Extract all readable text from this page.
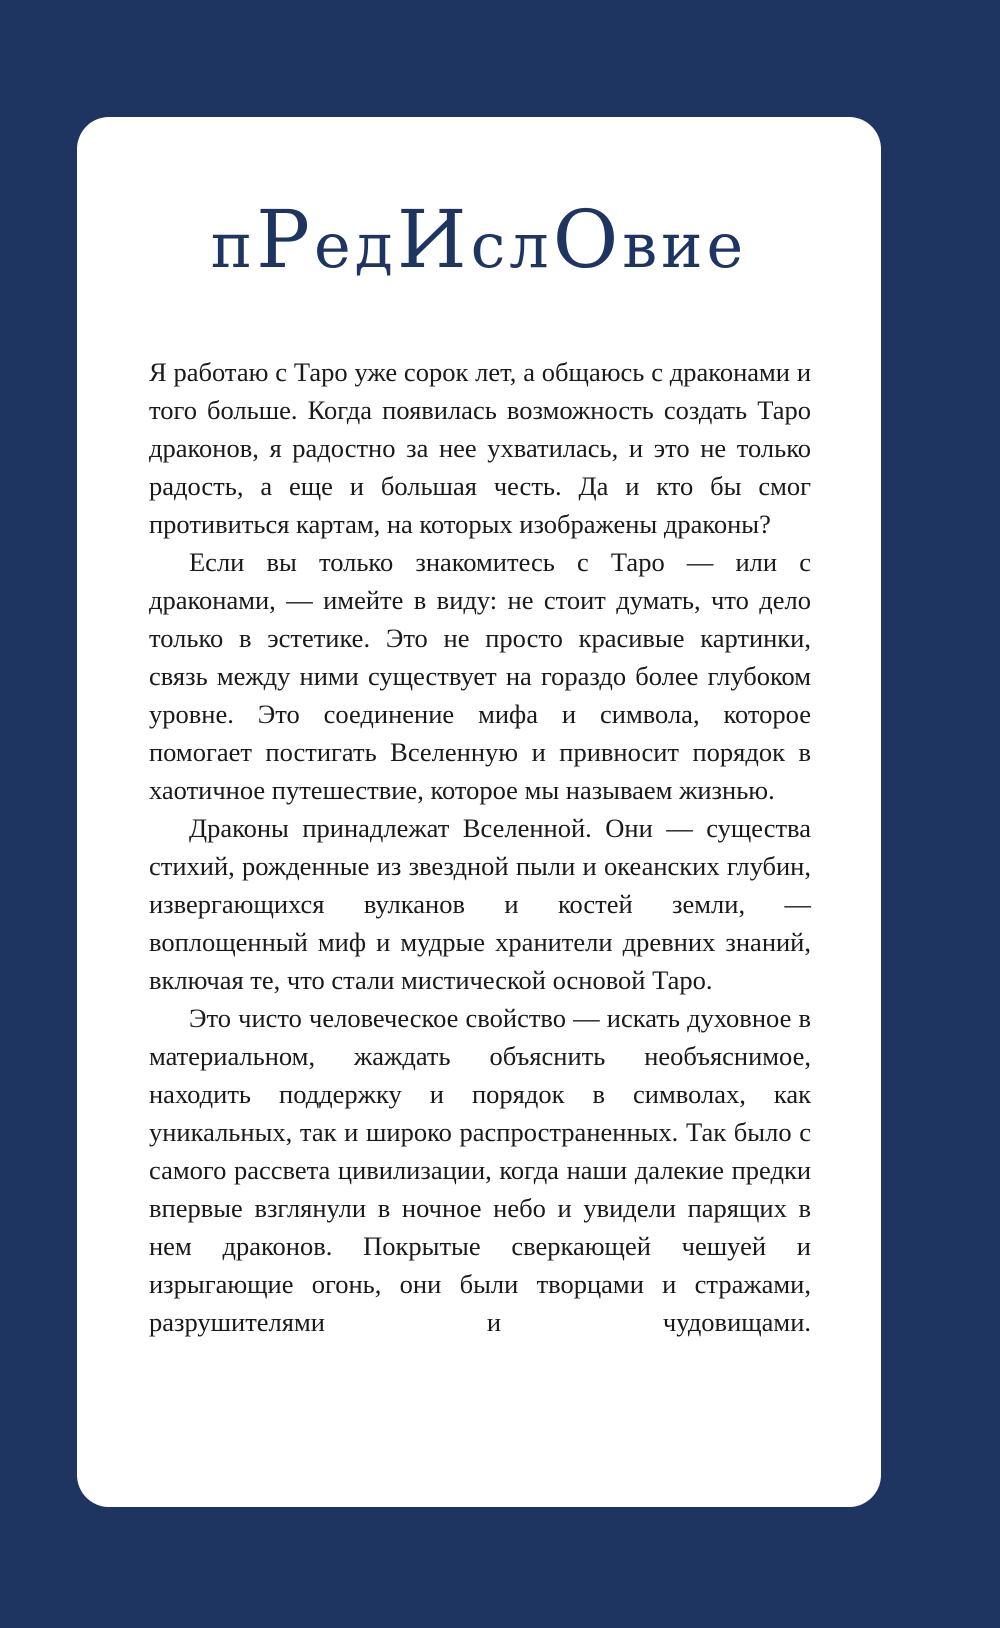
пРедИслОвие

Я работаю с Таро уже сорок лет, а общаюсь с драконами и того больше. Когда появилась возможность создать Таро драконов, я радостно за нее ухватилась, и это не только радость, а еще и большая честь. Да и кто бы смог противиться картам, на которых изображены драконы?

Если вы только знакомитесь с Таро — или с драконами, — имейте в виду: не стоит думать, что дело только в эстетике. Это не просто красивые картинки, связь между ними существует на гораздо более глубоком уровне. Это соединение мифа и символа, которое помогает постигать Вселенную и привносит порядок в хаотичное путешествие, которое мы называем жизнью.

Драконы принадлежат Вселенной. Они — существа стихий, рожденные из звездной пыли и океанских глубин, извергающихся вулканов и костей земли, — воплощенный миф и мудрые хранители древних знаний, включая те, что стали мистической основой Таро.

Это чисто человеческое свойство — искать духовное в материальном, жаждать объяснить необъяснимое, находить поддержку и порядок в символах, как уникальных, так и широко распространенных. Так было с самого рассвета цивилизации, когда наши далекие предки впервые взглянули в ночное небо и увидели парящих в нем драконов. Покрытые сверкающей чешуей и изрыгающие огонь, они были творцами и стражами, разрушителями и чудовищами.
